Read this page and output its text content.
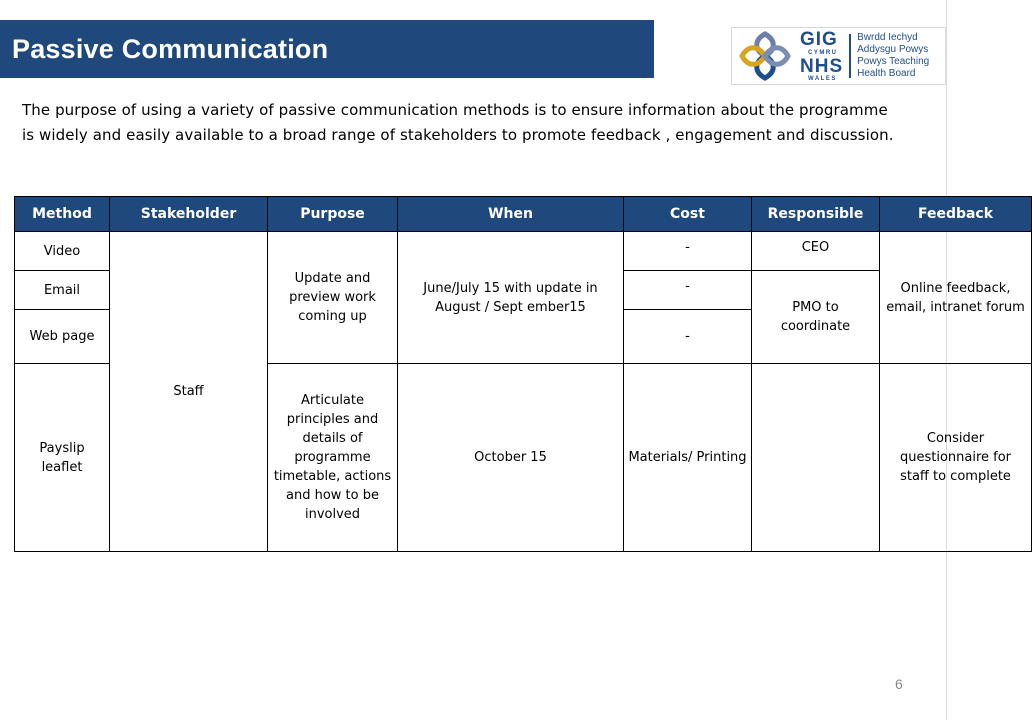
Passive Communication	GIG
CYMRU
NHS
WALES
Bwrdd Iechyd
Addysgu Powys
Powys Teaching
Health Board
The purpose of using a variety of passive communication methods is to ensure information about the programme is widely and easily available to a broad range of stakeholders to promote feedback , engagement and discussion.
Method	Stakeholder	Purpose	When	Cost	Responsible	Feedback
Video	Staff	Update and preview work coming up	June/July 15 with update in August / Sept ember15	-	CEO	Online feedback, email, intranet forum
Email				-	PMO to coordinate	
Web page				-		
Payslip leaflet		Articulate principles and details of programme timetable, actions and how to be involved	October 15	Materials/ Printing		Consider questionnaire for staff to complete
6
